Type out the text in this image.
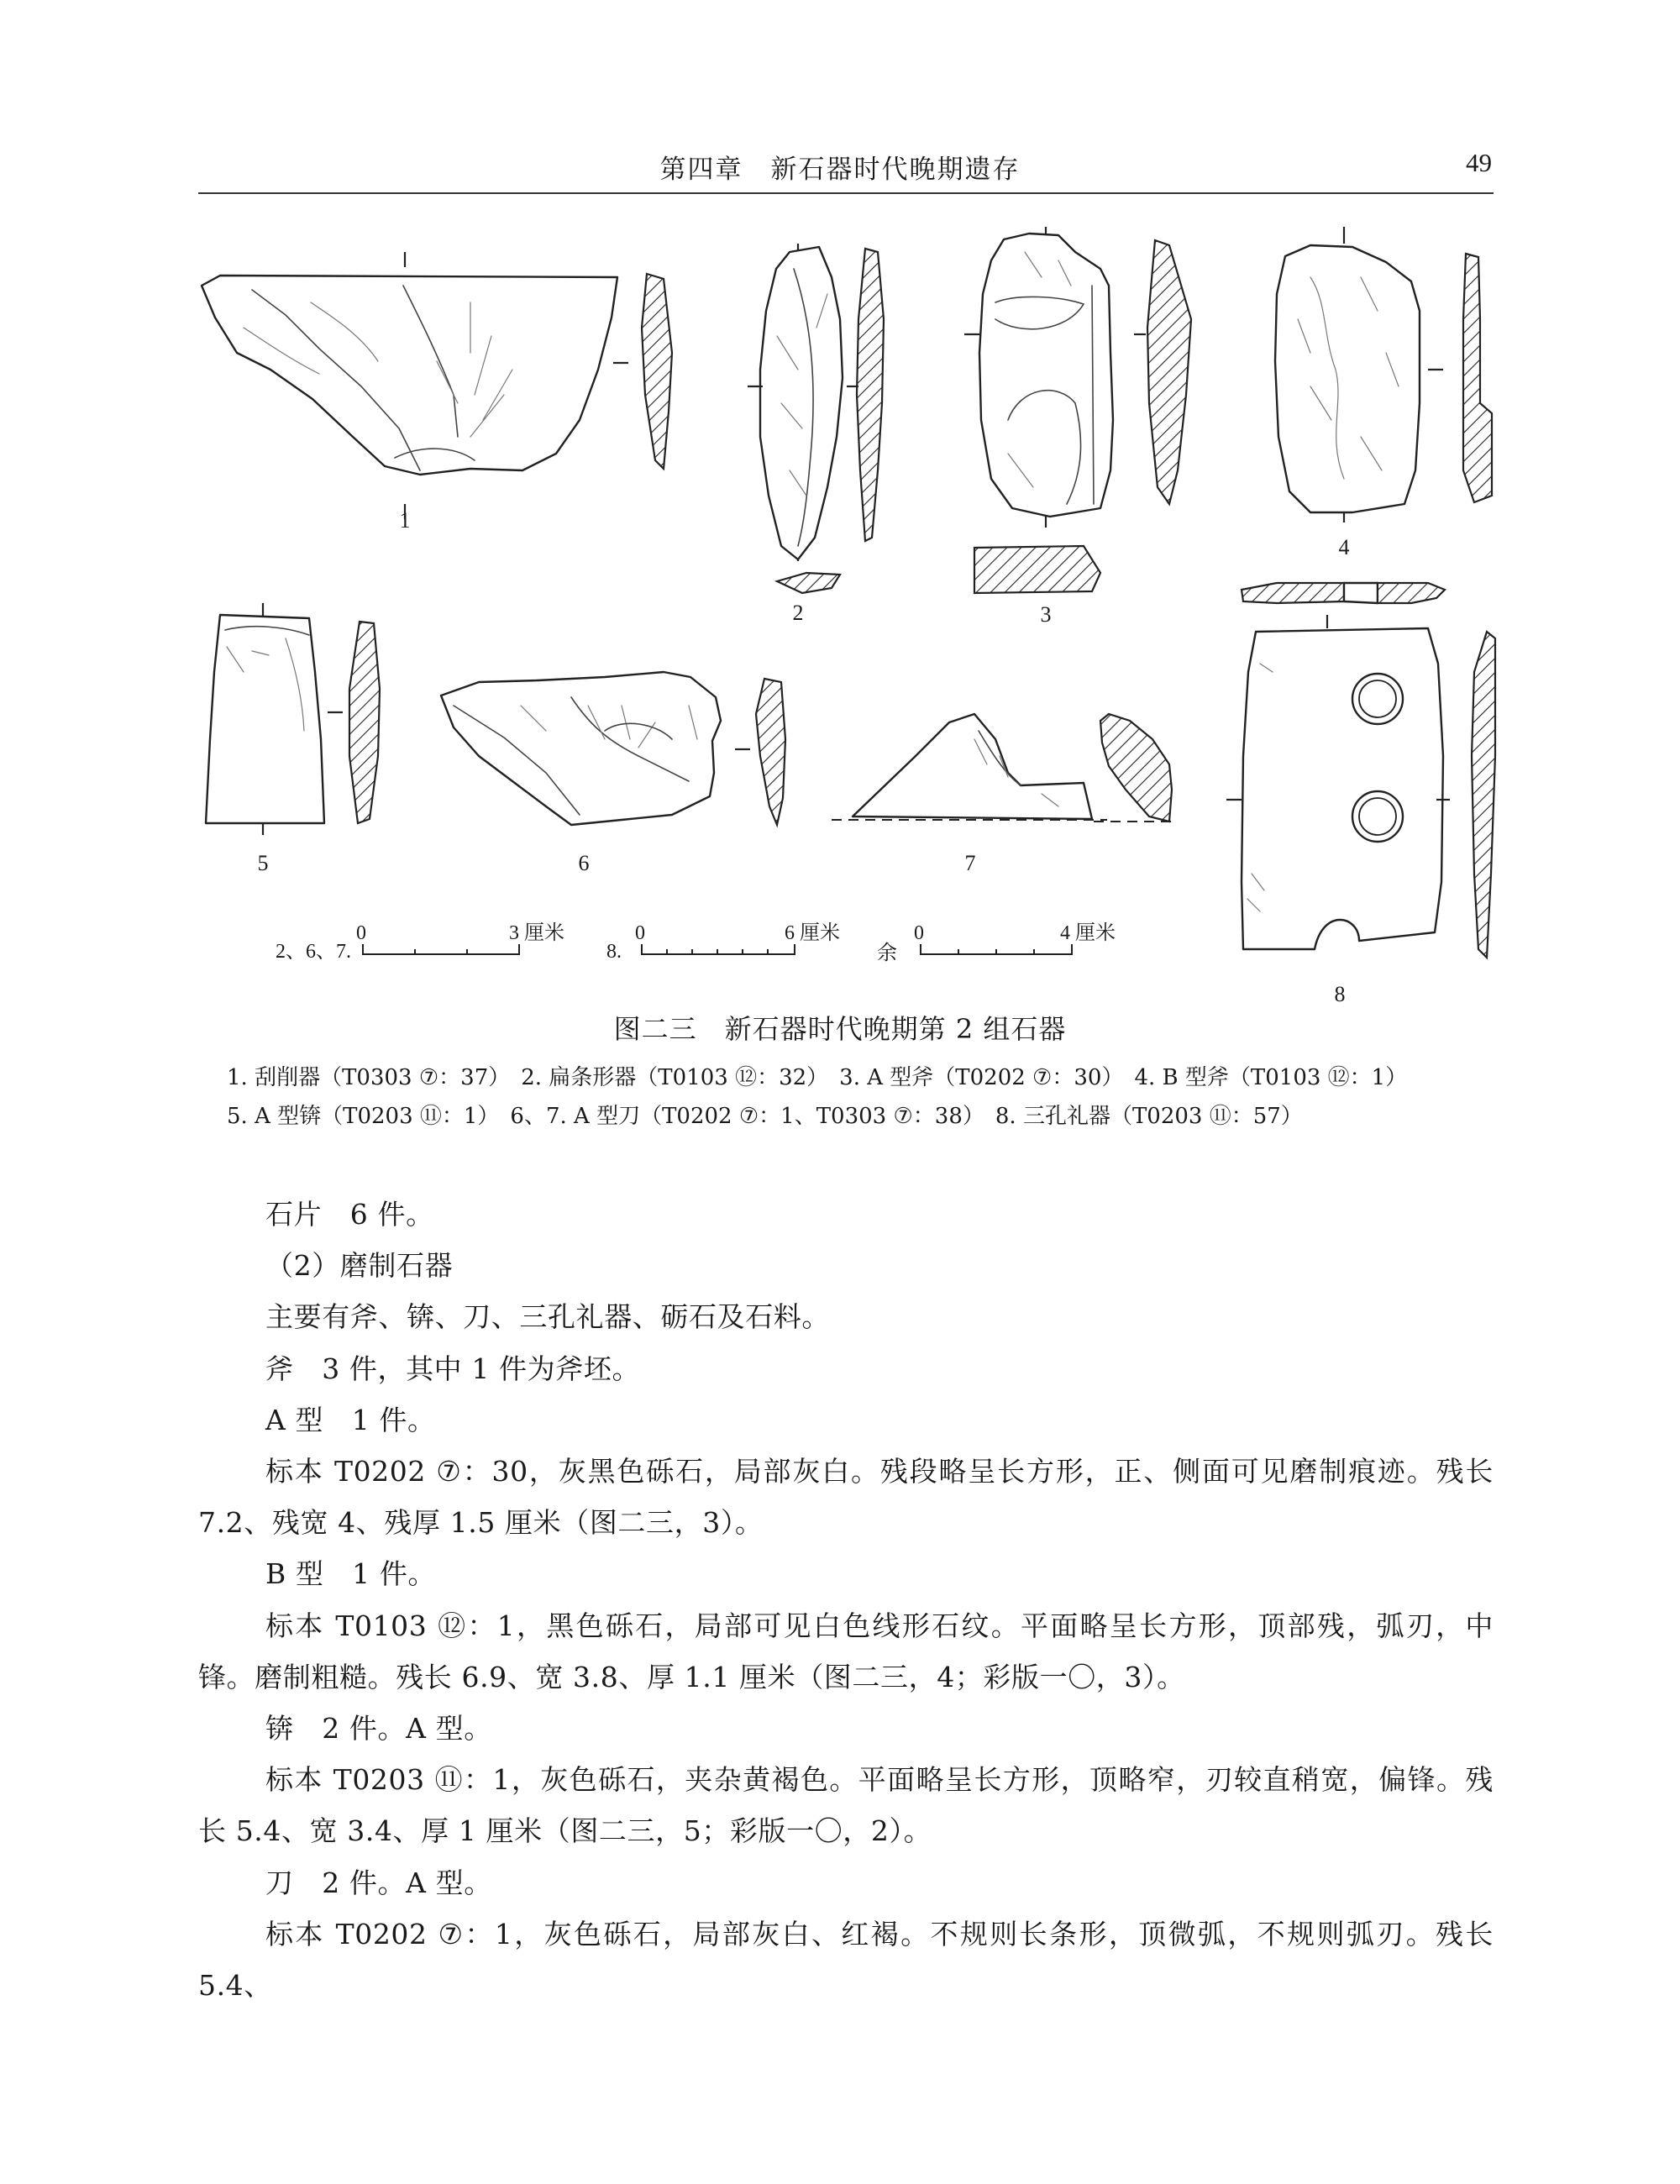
第四章　新石器时代晚期遗存	49
1
2	3
4
5	6	7
8
2、6、7.
0	3 厘米
8.
0	6 厘米
余
0	4 厘米
图二三　新石器时代晚期第 2 组石器
1. 刮削器（T0303 ⑦：37）　2. 扁条形器（T0103 ⑫：32）　3. A 型斧（T0202 ⑦：30）　4. B 型斧（T0103 ⑫：1）
5. A 型锛（T0203 ⑪：1）　6、7. A 型刀（T0202 ⑦：1、T0303 ⑦：38）　8. 三孔礼器（T0203 ⑪：57）

石片　6 件。

（2）磨制石器

主要有斧、锛、刀、三孔礼器、砺石及石料。

斧　3 件，其中 1 件为斧坯。

A 型　1 件。

标本 T0202 ⑦：30，灰黑色砾石，局部灰白。残段略呈长方形，正、侧面可见磨制痕迹。残长 7.2、残宽 4、残厚 1.5 厘米（图二三，3）。

B 型　1 件。

标本 T0103 ⑫：1，黑色砾石，局部可见白色线形石纹。平面略呈长方形，顶部残，弧刃，中锋。磨制粗糙。残长 6.9、宽 3.8、厚 1.1 厘米（图二三，4；彩版一〇，3）。

锛　2 件。A 型。

标本 T0203 ⑪：1，灰色砾石，夹杂黄褐色。平面略呈长方形，顶略窄，刃较直稍宽，偏锋。残长 5.4、宽 3.4、厚 1 厘米（图二三，5；彩版一〇，2）。

刀　2 件。A 型。

标本 T0202 ⑦：1，灰色砾石，局部灰白、红褐。不规则长条形，顶微弧，不规则弧刃。残长 5.4、
